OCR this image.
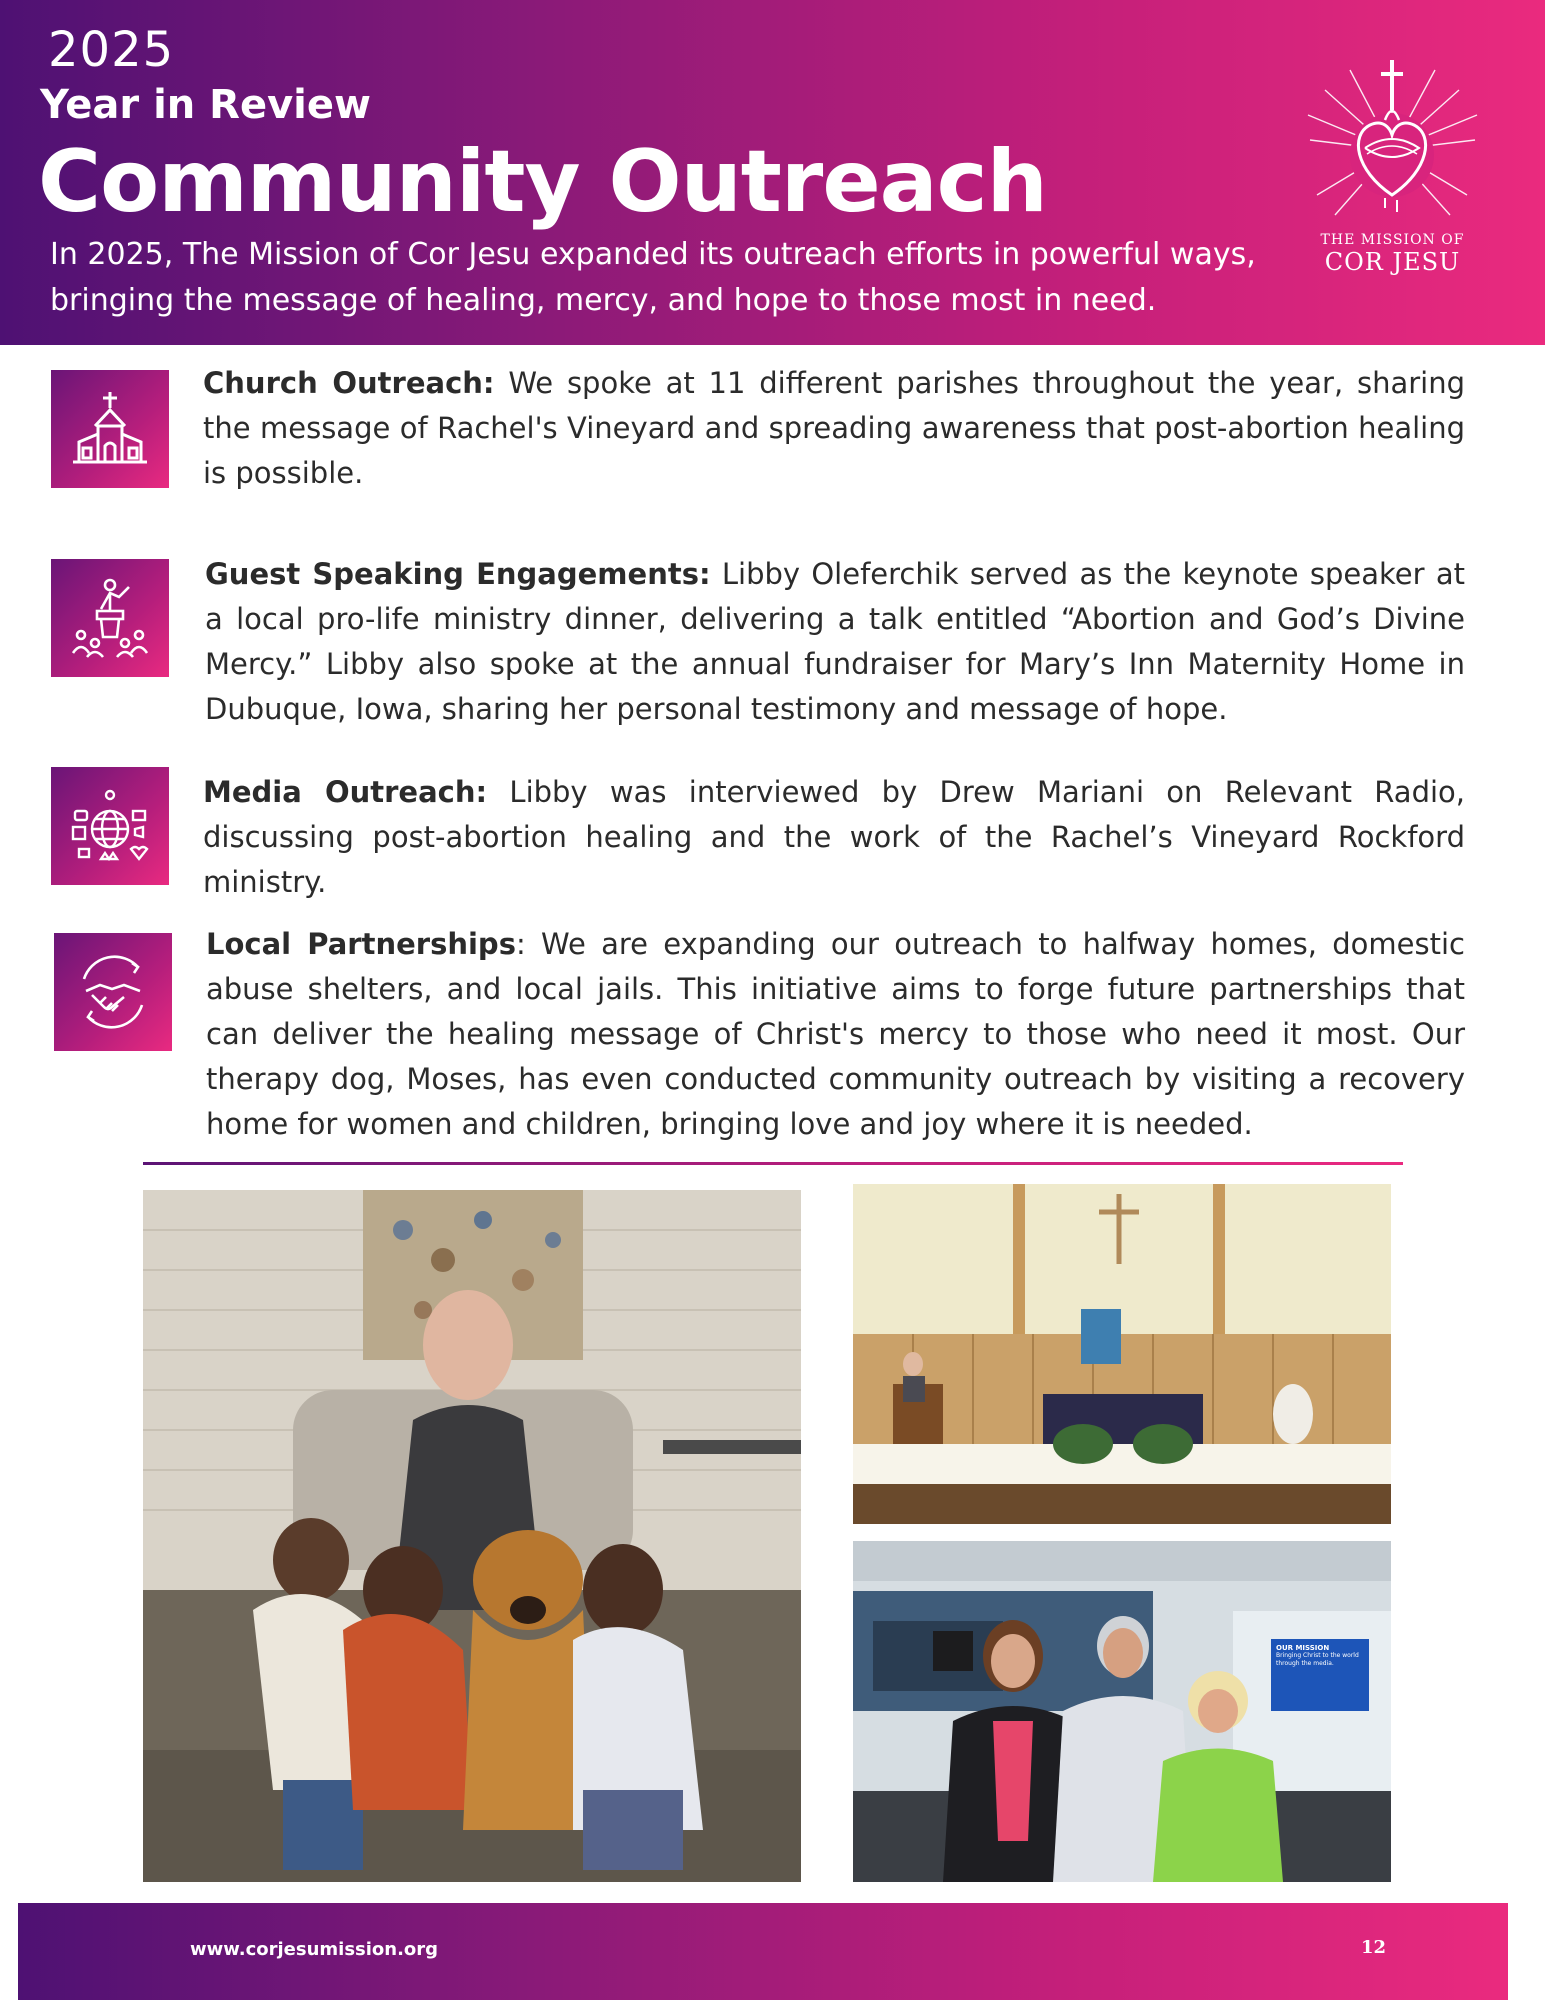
2025
Year in Review
Community Outreach
In 2025, The Mission of Cor Jesu expanded its outreach efforts in powerful ways, bringing the message of healing, mercy, and hope to those most in need.
THE MISSION OF
COR JESU
Church Outreach: We spoke at 11 different parishes throughout the year, sharing the message of Rachel's Vineyard and spreading awareness that post-abortion healing is possible.
Guest Speaking Engagements: Libby Oleferchik served as the keynote speaker at a local pro-life ministry dinner, delivering a talk entitled “Abortion and God’s Divine Mercy.” Libby also spoke at the annual fundraiser for Mary’s Inn Maternity Home in Dubuque, Iowa, sharing her personal testimony and message of hope.
Media Outreach: Libby was interviewed by Drew Mariani on Relevant Radio, discussing post-abortion healing and the work of the Rachel’s Vineyard Rockford ministry.
Local Partnerships: We are expanding our outreach to halfway homes, domestic abuse shelters, and local jails. This initiative aims to forge future partnerships that can deliver the healing message of Christ's mercy to those who need it most. Our therapy dog, Moses, has even conducted community outreach by visiting a recovery home for women and children, bringing love and joy where it is needed.
OUR MISSION
Bringing Christ to the world through the media.
www.corjesumission.org	12
